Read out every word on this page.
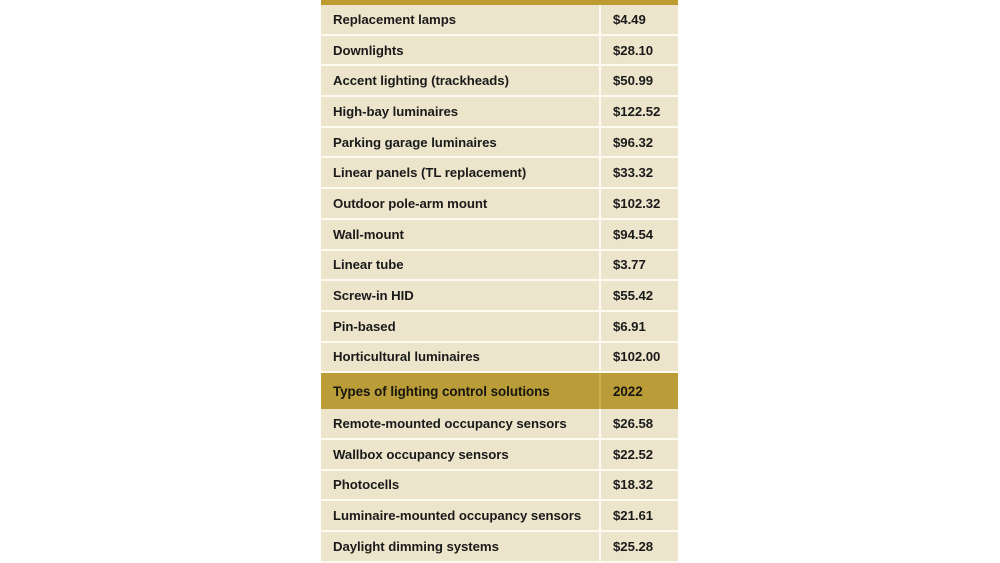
Replacement lamps	$4.49
Downlights	$28.10
Accent lighting (trackheads)	$50.99
High-bay luminaires	$122.52
Parking garage luminaires	$96.32
Linear panels (TL replacement)	$33.32
Outdoor pole-arm mount	$102.32
Wall-mount	$94.54
Linear tube	$3.77
Screw-in HID	$55.42
Pin-based	$6.91
Horticultural luminaires	$102.00
Types of lighting control solutions	2022
Remote-mounted occupancy sensors	$26.58
Wallbox occupancy sensors	$22.52
Photocells	$18.32
Luminaire-mounted occupancy sensors	$21.61
Daylight dimming systems	$25.28
